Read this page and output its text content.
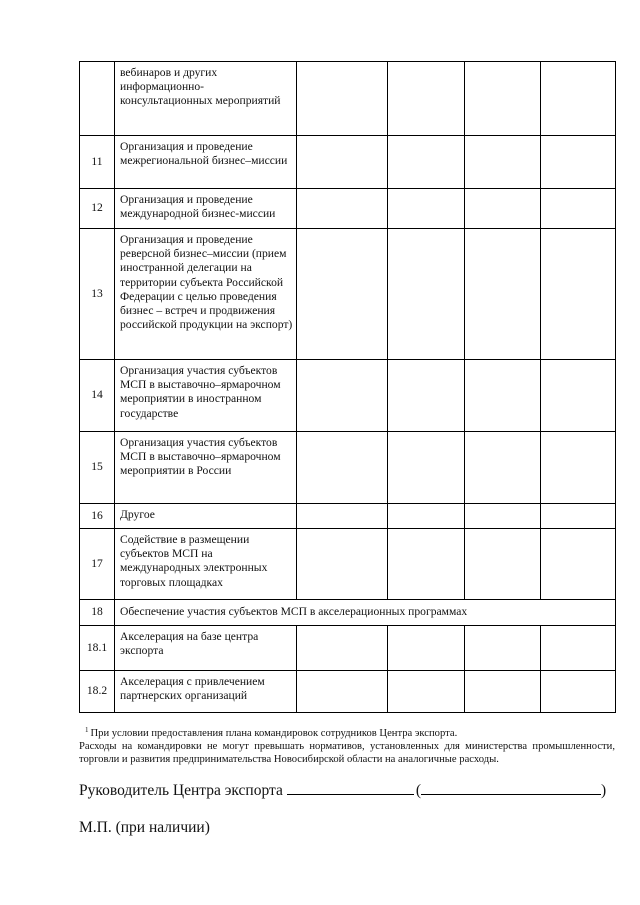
	вебинаров и других информационно-консультационных мероприятий				
11	Организация и проведение межрегиональной бизнес–миссии				
12	Организация и проведение международной бизнес-миссии				
13	Организация и проведение реверсной бизнес–миссии (прием иностранной делегации на территории субъекта Российской Федерации с целью проведения бизнес – встреч и продвижения российской продукции на экспорт)				
14	Организация участия субъектов МСП в выставочно–ярмарочном мероприятии в иностранном государстве				
15	Организация участия субъектов МСП в выставочно–ярмарочном мероприятии в России				
16	Другое				
17	Содействие в размещении субъектов МСП на международных электронных торговых площадках				
18	Обеспечение участия субъектов МСП в акселерационных программах				
18.1	Акселерация на базе центра экспорта				
18.2	Акселерация с привлечением партнерских организаций				
$^1$ При условии предоставления плана командировок сотрудников Центра экспорта.
Расходы на командировки не могут превышать нормативов, установленных для министерства промышленности,
торговли и развития предпринимательства Новосибирской области на аналогичные расходы.
Руководитель Центра экспорта	(	)
М.П. (при наличии)
